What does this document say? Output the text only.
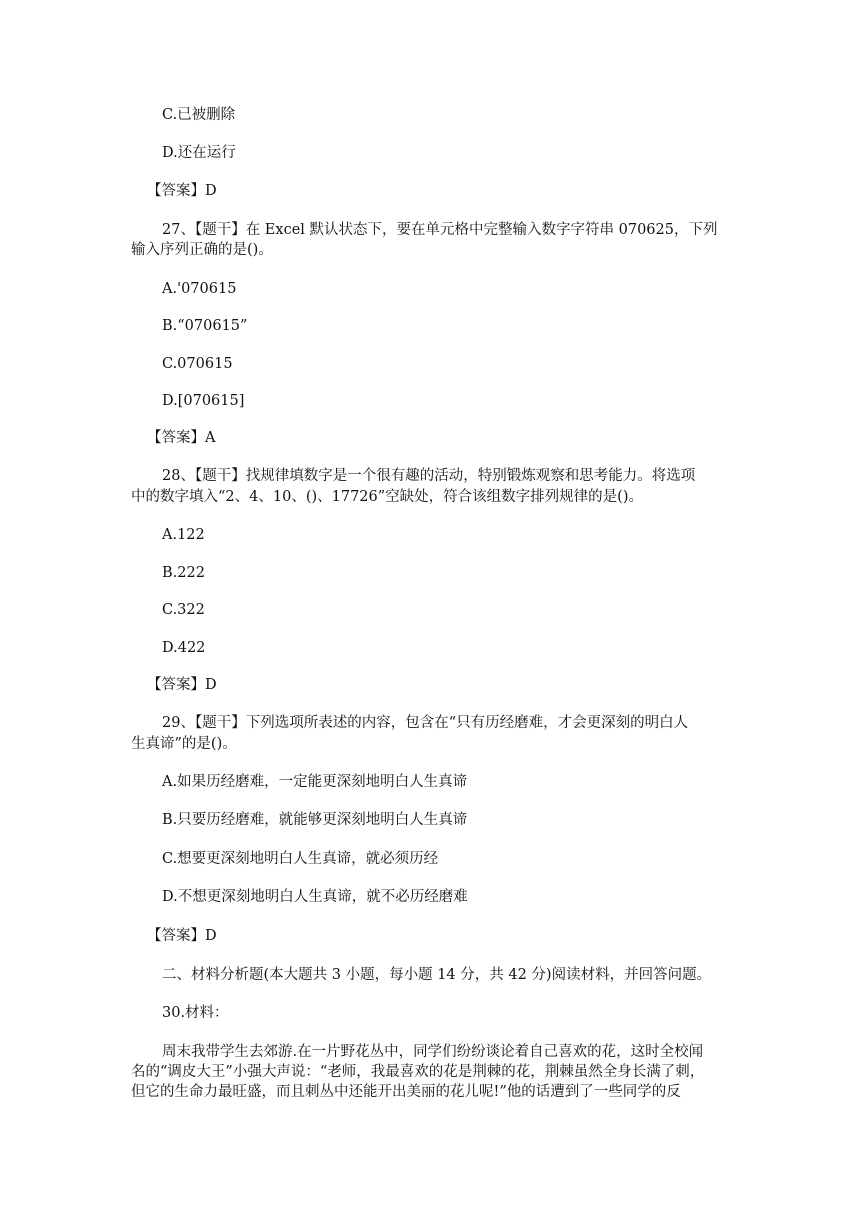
C.已被删除

D.还在运行

【答案】D

27、【题干】在 Excel 默认状态下，要在单元格中完整输入数字字符串 070625，下列

输入序列正确的是()。

A.'070615

B.“070615”

C.070615

D.[070615]

【答案】A

28、【题干】找规律填数字是一个很有趣的活动，特别锻炼观察和思考能力。将选项

中的数字填入“2、4、10、()、17726”空缺处，符合该组数字排列规律的是()。

A.122

B.222

C.322

D.422

【答案】D

29、【题干】下列选项所表述的内容，包含在“只有历经磨难，才会更深刻的明白人

生真谛”的是()。

A.如果历经磨难，一定能更深刻地明白人生真谛

B.只要历经磨难，就能够更深刻地明白人生真谛

C.想要更深刻地明白人生真谛，就必须历经

D.不想更深刻地明白人生真谛，就不必历经磨难

【答案】D

二、材料分析题(本大题共 3 小题，每小题 14 分，共 42 分)阅读材料，并回答问题。

30.材料：

周末我带学生去郊游.在一片野花丛中，同学们纷纷谈论着自己喜欢的花，这时全校闻

名的“调皮大王”小强大声说：“老师，我最喜欢的花是荆棘的花，荆棘虽然全身长满了刺，

但它的生命力最旺盛，而且刺丛中还能开出美丽的花儿呢!”他的话遭到了一些同学的反
